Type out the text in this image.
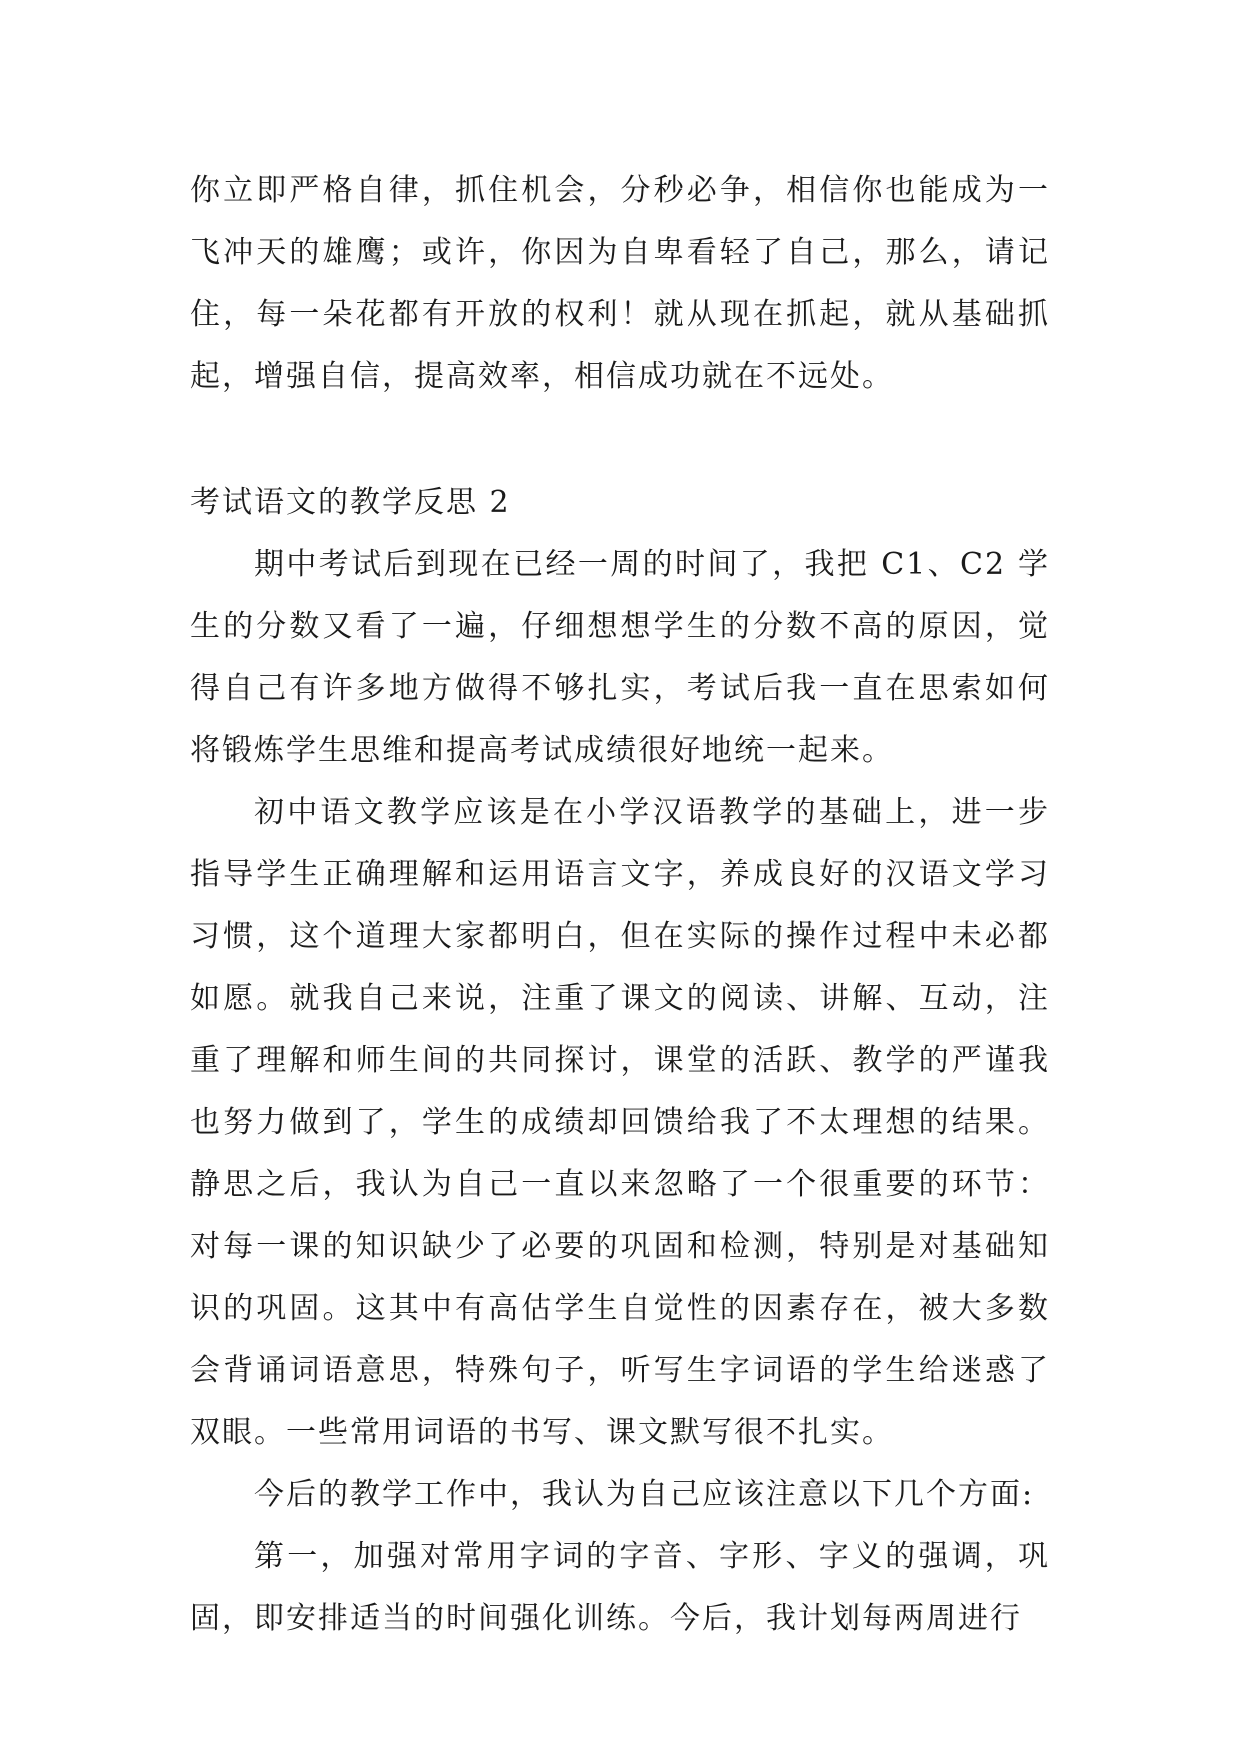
你立即严格自律，抓住机会，分秒必争，相信你也能成为一飞冲天的雄鹰；或许，你因为自卑看轻了自己，那么，请记住，每一朵花都有开放的权利！就从现在抓起，就从基础抓起，增强自信，提高效率，相信成功就在不远处。

考试语文的教学反思 2

期中考试后到现在已经一周的时间了，我把 C1、C2 学生的分数又看了一遍，仔细想想学生的分数不高的原因，觉得自己有许多地方做得不够扎实，考试后我一直在思索如何将锻炼学生思维和提高考试成绩很好地统一起来。

初中语文教学应该是在小学汉语教学的基础上，进一步指导学生正确理解和运用语言文字，养成良好的汉语文学习习惯，这个道理大家都明白，但在实际的操作过程中未必都如愿。就我自己来说，注重了课文的阅读、讲解、互动，注重了理解和师生间的共同探讨，课堂的活跃、教学的严谨我也努力做到了，学生的成绩却回馈给我了不太理想的结果。静思之后，我认为自己一直以来忽略了一个很重要的环节：对每一课的知识缺少了必要的巩固和检测，特别是对基础知识的巩固。这其中有高估学生自觉性的因素存在，被大多数会背诵词语意思，特殊句子，听写生字词语的学生给迷惑了双眼。一些常用词语的书写、课文默写很不扎实。

今后的教学工作中，我认为自己应该注意以下几个方面:

第一，加强对常用字词的字音、字形、字义的强调，巩固，即安排适当的时间强化训练。今后，我计划每两周进行
